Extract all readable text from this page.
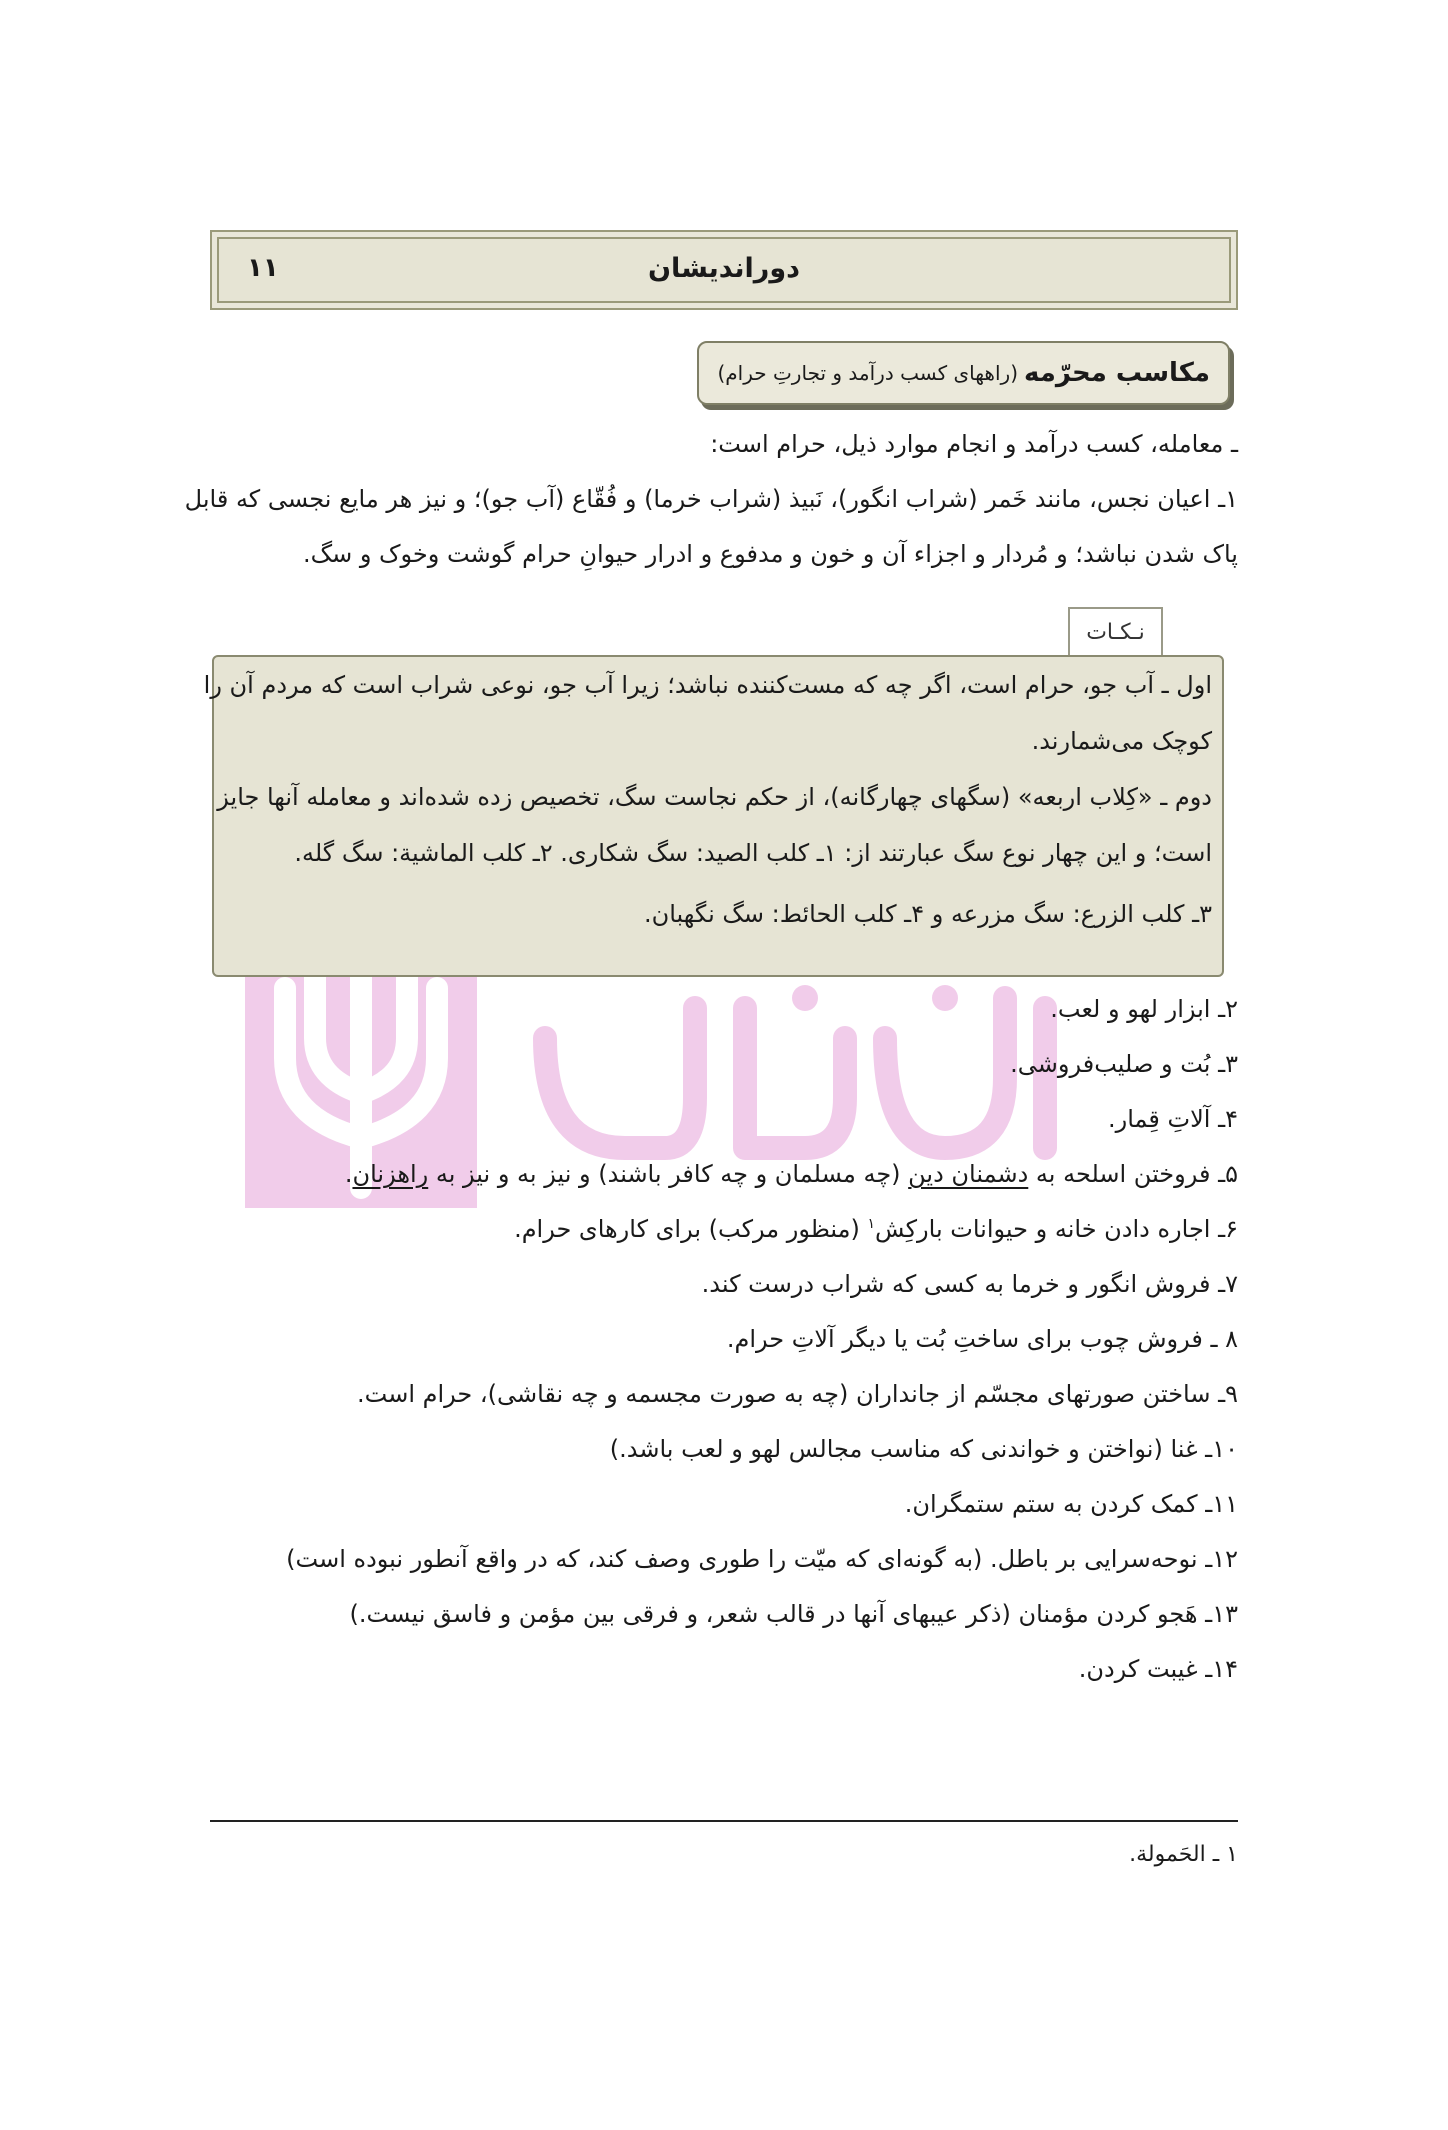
دوراندیشان
۱۱
مکاسب محرّمه
(راههای کسب درآمد و تجارتِ حرام)
ـ معامله، کسب درآمد و انجام موارد ذیل، حرام است:
۱ـ اعیان نجس، مانند خَمر (شراب انگور)، نَبیذ (شراب خرما) و فُقّاع (آب جو)؛ و نیز هر مایع نجسی که قابل
پاک شدن نباشد؛ و مُردار و اجزاء آن و خون و مدفوع و ادرار حیوانِ حرام گوشت وخوک و سگ.
نـكـات
اول ـ آب جو، حرام است، اگر چه که مست‌کننده نباشد؛ زیرا آب جو، نوعی شراب است که مردم آن را
کوچک می‌شمارند.
دوم ـ «کِلاب اربعه» (سگهای چهارگانه)، از حکم نجاست سگ، تخصیص زده شده‌اند و معامله آنها جایز
است؛ و این چهار نوع سگ عبارتند از: ۱ـ کلب الصید: سگ شکاری. ۲ـ کلب الماشیة: سگ گله.
۳ـ کلب الزرع: سگ مزرعه و ۴ـ کلب الحائط: سگ نگهبان.
۲ـ ابزار لهو و لعب.
۳ـ بُت و صلیب‌فروشی.
۴ـ آلاتِ قِمار.
۵ـ فروختن اسلحه به دشمنان دین (چه مسلمان و چه کافر باشند) و نیز به و نیز به راهزنان.
۶ـ اجاره دادن خانه و حیوانات بارکِش$^۱$ (منظور مرکب) برای کارهای حرام.
۷ـ فروش انگور و خرما به کسی که شراب درست کند.
۸ ـ فروش چوب برای ساختِ بُت یا دیگر آلاتِ حرام.
۹ـ ساختن صورتهای مجسّم از جانداران (چه به صورت مجسمه و چه نقاشی)، حرام است.
۱۰ـ غنا (نواختن و خواندنی که مناسب مجالس لهو و لعب باشد.)
۱۱ـ کمک کردن به ستم ستمگران.
۱۲ـ نوحه‌سرایی بر باطل. (به گونه‌ای که میّت را طوری وصف کند، که در واقع آنطور نبوده است)
۱۳ـ هَجو کردن مؤمنان (ذکر عیبهای آنها در قالب شعر، و فرقی بین مؤمن و فاسق نیست.)
۱۴ـ غیبت کردن.
۱ ـ الحَمولة.
